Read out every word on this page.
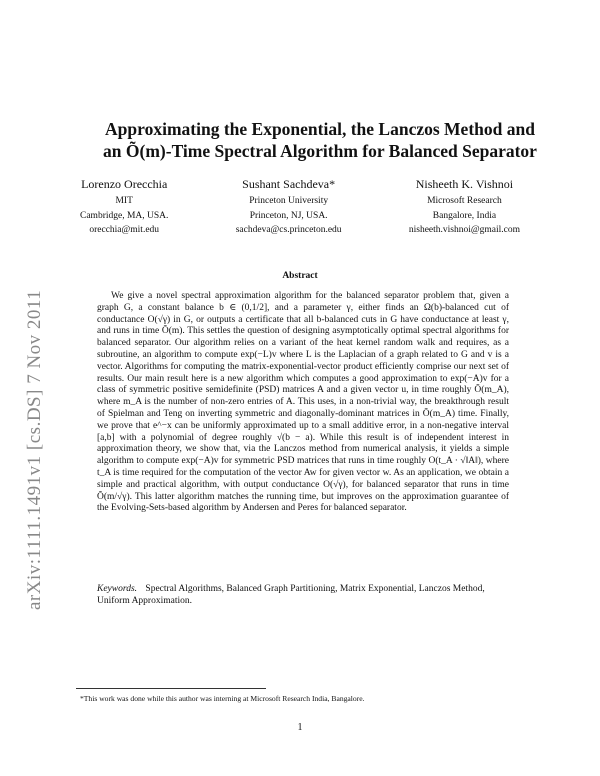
arXiv:1111.1491v1 [cs.DS] 7 Nov 2011
Approximating the Exponential, the Lanczos Method and
an Õ(m)-Time Spectral Algorithm for Balanced Separator
Lorenzo Orecchia
MIT
Cambridge, MA, USA.
orecchia@mit.edu
Sushant Sachdeva*
Princeton University
Princeton, NJ, USA.
sachdeva@cs.princeton.edu
Nisheeth K. Vishnoi
Microsoft Research
Bangalore, India
nisheeth.vishnoi@gmail.com
Abstract
We give a novel spectral approximation algorithm for the balanced separator problem that, given a graph G, a constant balance b ∈ (0,1/2], and a parameter γ, either finds an Ω(b)-balanced cut of conductance O(√γ) in G, or outputs a certificate that all b-balanced cuts in G have conductance at least γ, and runs in time Õ(m). This settles the question of designing asymptotically optimal spectral algorithms for balanced separator. Our algorithm relies on a variant of the heat kernel random walk and requires, as a subroutine, an algorithm to compute exp(−L)v where L is the Laplacian of a graph related to G and v is a vector. Algorithms for computing the matrix-exponential-vector product efficiently comprise our next set of results. Our main result here is a new algorithm which computes a good approximation to exp(−A)v for a class of symmetric positive semidefinite (PSD) matrices A and a given vector u, in time roughly Õ(m_A), where m_A is the number of non-zero entries of A. This uses, in a non-trivial way, the breakthrough result of Spielman and Teng on inverting symmetric and diagonally-dominant matrices in Õ(m_A) time. Finally, we prove that e^−x can be uniformly approximated up to a small additive error, in a non-negative interval [a,b] with a polynomial of degree roughly √(b − a). While this result is of independent interest in approximation theory, we show that, via the Lanczos method from numerical analysis, it yields a simple algorithm to compute exp(−A)v for symmetric PSD matrices that runs in time roughly O(t_A · √‖A‖), where t_A is time required for the computation of the vector Aw for given vector w. As an application, we obtain a simple and practical algorithm, with output conductance O(√γ), for balanced separator that runs in time Õ(m/√γ). This latter algorithm matches the running time, but improves on the approximation guarantee of the Evolving-Sets-based algorithm by Andersen and Peres for balanced separator.
Keywords. Spectral Algorithms, Balanced Graph Partitioning, Matrix Exponential, Lanczos Method, Uniform Approximation.
*This work was done while this author was interning at Microsoft Research India, Bangalore.
1
